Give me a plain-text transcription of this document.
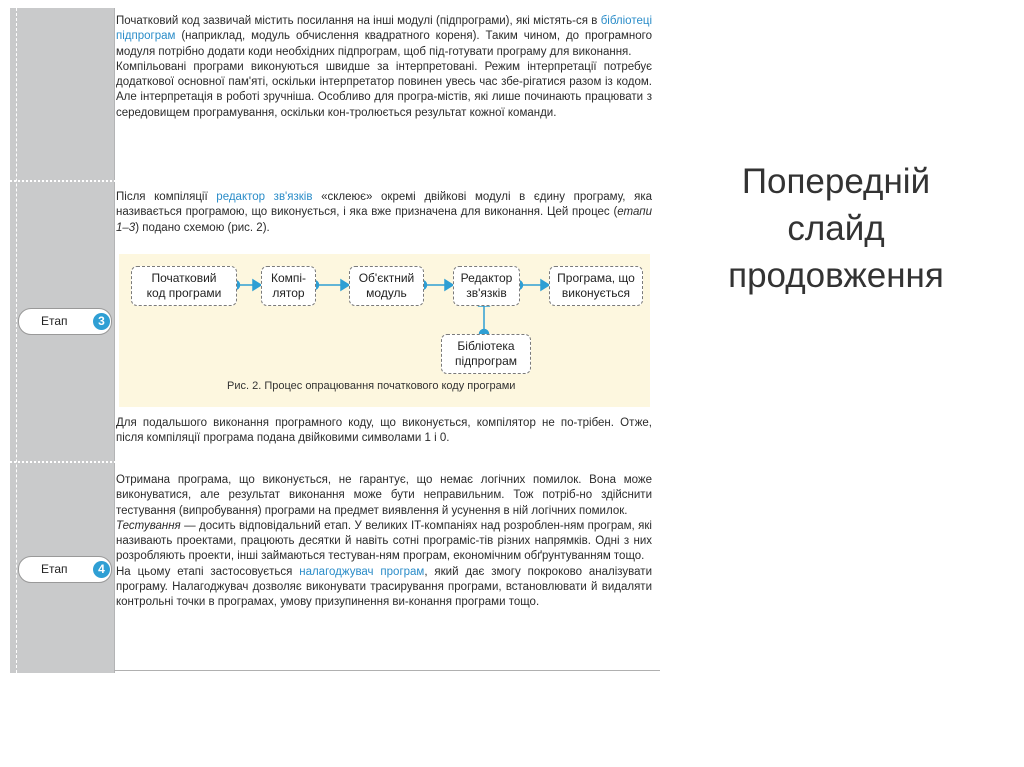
Етап	3
Етап	4

Початковий код зазвичай містить посилання на інші модулі (підпрограми), які містять-ся в бібліотеці підпрограм (наприклад, модуль обчислення квадратного кореня). Таким чином, до програмного модуля потрібно додати коди необхідних підпрограм, щоб під-готувати програму для виконання.

Компільовані програми виконуються швидше за інтерпретовані. Режим інтерпретації потребує додаткової основної пам'яті, оскільки інтерпретатор повинен увесь час збе-рігатися разом із кодом. Але інтерпретація в роботі зручніша. Особливо для програ-містів, які лише починають працювати з середовищем програмування, оскільки кон-тролюється результат кожної команди.

Після компіляції редактор зв'язків «склеює» окремі двійкові модулі в єдину програму, яка називається програмою, що виконується, і яка вже призначена для виконання. Цей процес (етапи 1–3) подано схемою (рис. 2).

Початковий
код програми
Компі-
лятор
Об'єктний
модуль
Редактор
зв'язків
Програма, що
виконується
Бібліотека
підпрограм
Рис. 2. Процес опрацювання початкового коду програми

Для подальшого виконання програмного коду, що виконується, компілятор не по-трібен. Отже, після компіляції програма подана двійковими символами 1 і 0.

Отримана програма, що виконується, не гарантує, що немає логічних помилок. Вона може виконуватися, але результат виконання може бути неправильним. Тож потріб-но здійснити тестування (випробування) програми на предмет виявлення й усунення в ній логічних помилок.

Тестування — досить відповідальний етап. У великих IT-компаніях над розроблен-ням програм, які називають проектами, працюють десятки й навіть сотні програміс-тів різних напрямків. Одні з них розробляють проекти, інші займаються тестуван-ням програм, економічним обґрунтуванням тощо.

На цьому етапі застосовується налагоджувач програм, який дає змогу покроково аналізувати програму. Налагоджувач дозволяє виконувати трасирування програми, встановлювати й видаляти контрольні точки в програмах, умову призупинення ви-конання програми тощо.

Попередній
слайд
продовження
